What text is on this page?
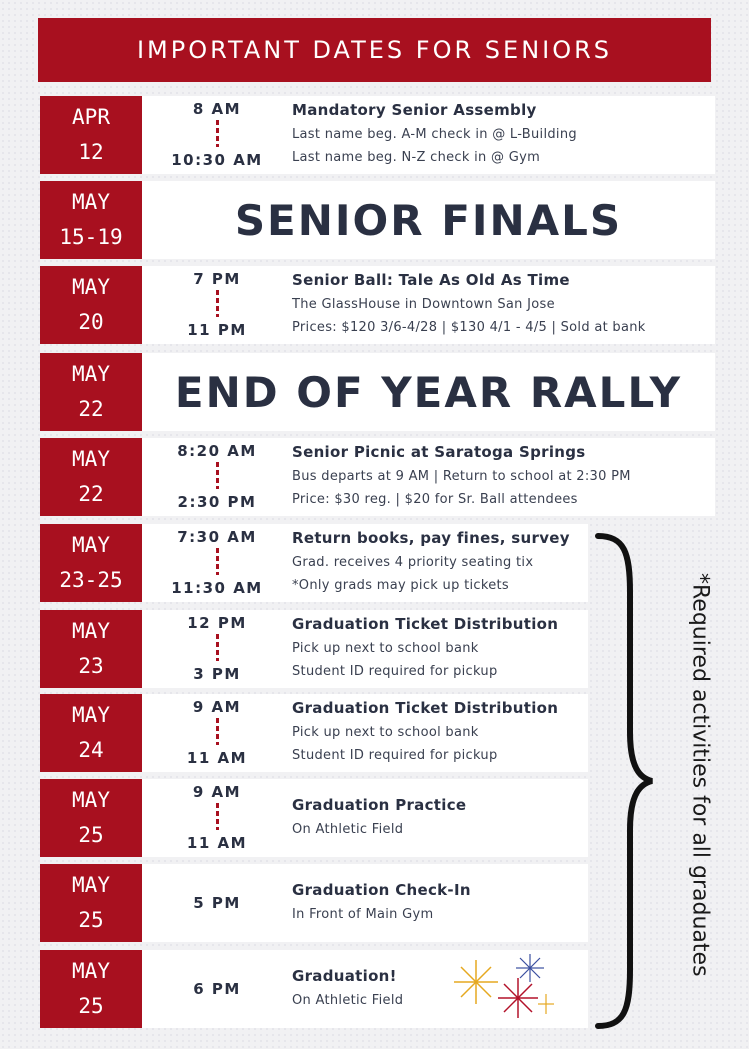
IMPORTANT DATES FOR SENIORS
APR
12
8 AM
10:30 AM
Mandatory Senior Assembly
Last name beg. A-M check in @ L-Building
Last name beg. N-Z check in @ Gym
MAY
15-19	SENIOR FINALS
MAY
20
7 PM
11 PM
Senior Ball: Tale As Old As Time
The GlassHouse in Downtown San Jose
Prices: $120 3/6-4/28 | $130 4/1 - 4/5 | Sold at bank
MAY
22	END OF YEAR RALLY
MAY
22
8:20 AM
2:30 PM
Senior Picnic at Saratoga Springs
Bus departs at 9 AM | Return to school at 2:30 PM
Price: $30 reg. | $20 for Sr. Ball attendees
MAY
23-25
7:30 AM
11:30 AM
Return books, pay fines, survey
Grad. receives 4 priority seating tix
*Only grads may pick up tickets
MAY
23
12 PM
3 PM
Graduation Ticket Distribution
Pick up next to school bank
Student ID required for pickup
MAY
24
9 AM
11 AM
Graduation Ticket Distribution
Pick up next to school bank
Student ID required for pickup
MAY
25
9 AM
11 AM
Graduation Practice
On Athletic Field
MAY
25
5 PM
Graduation Check-In
In Front of Main Gym
MAY
25
6 PM
Graduation!
On Athletic Field
*Required activities for all graduates
